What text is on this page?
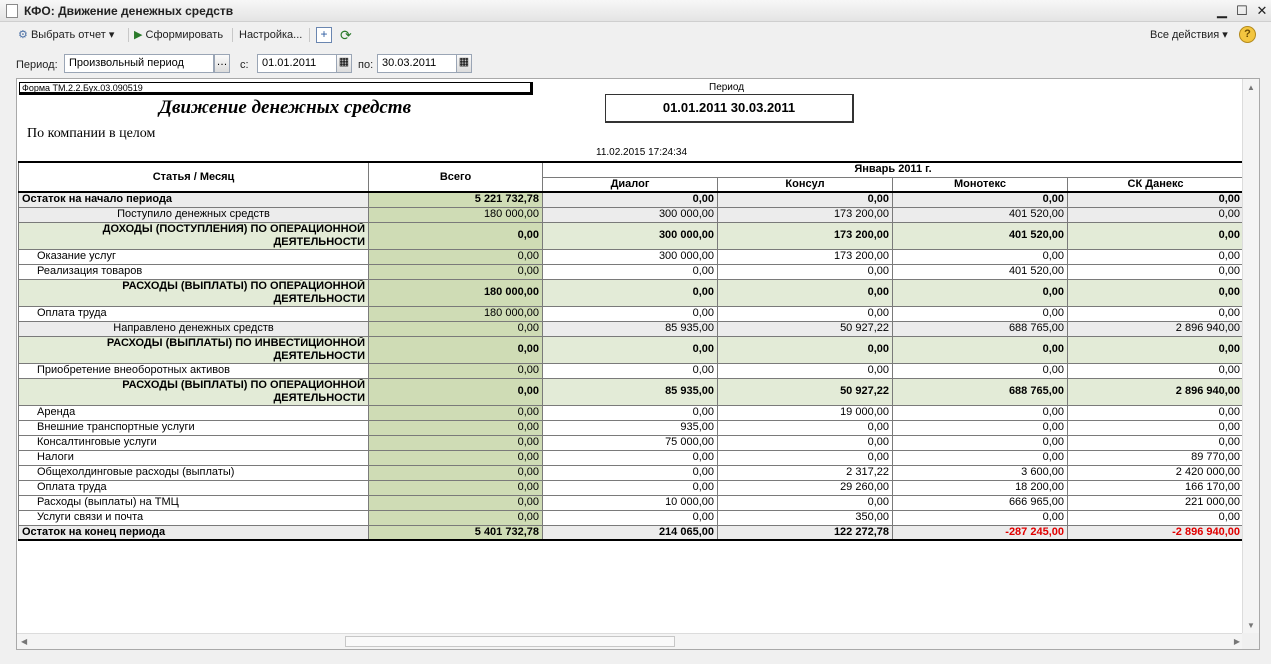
КФО: Движение денежных средств	▁ ☐ ✕
⚙ Выбрать отчет ▾ ▶ Сформировать Настройка...	+ ⟳	Все действия ▾	?
Период:	Произвольный период	… с:	01.01.2011	▦ по: 30.03.2011	▦
Форма ТМ.2.2.Бух.03.090519
Движение денежных средств
По компании в целом
Период
01.01.2011 30.03.2011
11.02.2015 17:24:34
Статья / Месяц	Всего	Январь 2011 г.			
		Диалог	Консул	Монотекс	СК Данекс
Остаток на начало периода	5 221 732,78	0,00	0,00	0,00	0,00
Поступило денежных средств	180 000,00	300 000,00	173 200,00	401 520,00	0,00

ДОХОДЫ (ПОСТУПЛЕНИЯ) ПО ОПЕРАЦИОННОЙ
ДЕЯТЕЛЬНОСТИ	0,00	300 000,00	173 200,00	401 520,00	0,00
Оказание услуг	0,00	300 000,00	173 200,00	0,00	0,00
Реализация товаров	0,00	0,00	0,00	401 520,00	0,00

РАСХОДЫ (ВЫПЛАТЫ) ПО ОПЕРАЦИОННОЙ
ДЕЯТЕЛЬНОСТИ	180 000,00	0,00	0,00	0,00	0,00
Оплата труда	180 000,00	0,00	0,00	0,00	0,00
Направлено денежных средств	0,00	85 935,00	50 927,22	688 765,00	2 896 940,00

РАСХОДЫ (ВЫПЛАТЫ) ПО ИНВЕСТИЦИОННОЙ
ДЕЯТЕЛЬНОСТИ	0,00	0,00	0,00	0,00	0,00
Приобретение внеоборотных активов	0,00	0,00	0,00	0,00	0,00

РАСХОДЫ (ВЫПЛАТЫ) ПО ОПЕРАЦИОННОЙ
ДЕЯТЕЛЬНОСТИ	0,00	85 935,00	50 927,22	688 765,00	2 896 940,00
Аренда	0,00	0,00	19 000,00	0,00	0,00
Внешние транспортные услуги	0,00	935,00	0,00	0,00	0,00
Консалтинговые услуги	0,00	75 000,00	0,00	0,00	0,00
Налоги	0,00	0,00	0,00	0,00	89 770,00
Общехолдинговые расходы (выплаты)	0,00	0,00	2 317,22	3 600,00	2 420 000,00
Оплата труда	0,00	0,00	29 260,00	18 200,00	166 170,00
Расходы (выплаты) на ТМЦ	0,00	10 000,00	0,00	666 965,00	221 000,00
Услуги связи и почта	0,00	0,00	350,00	0,00	0,00
Остаток на конец периода	5 401 732,78	214 065,00	122 272,78	-287 245,00	-2 896 940,00
▲
▼
◀	▶
